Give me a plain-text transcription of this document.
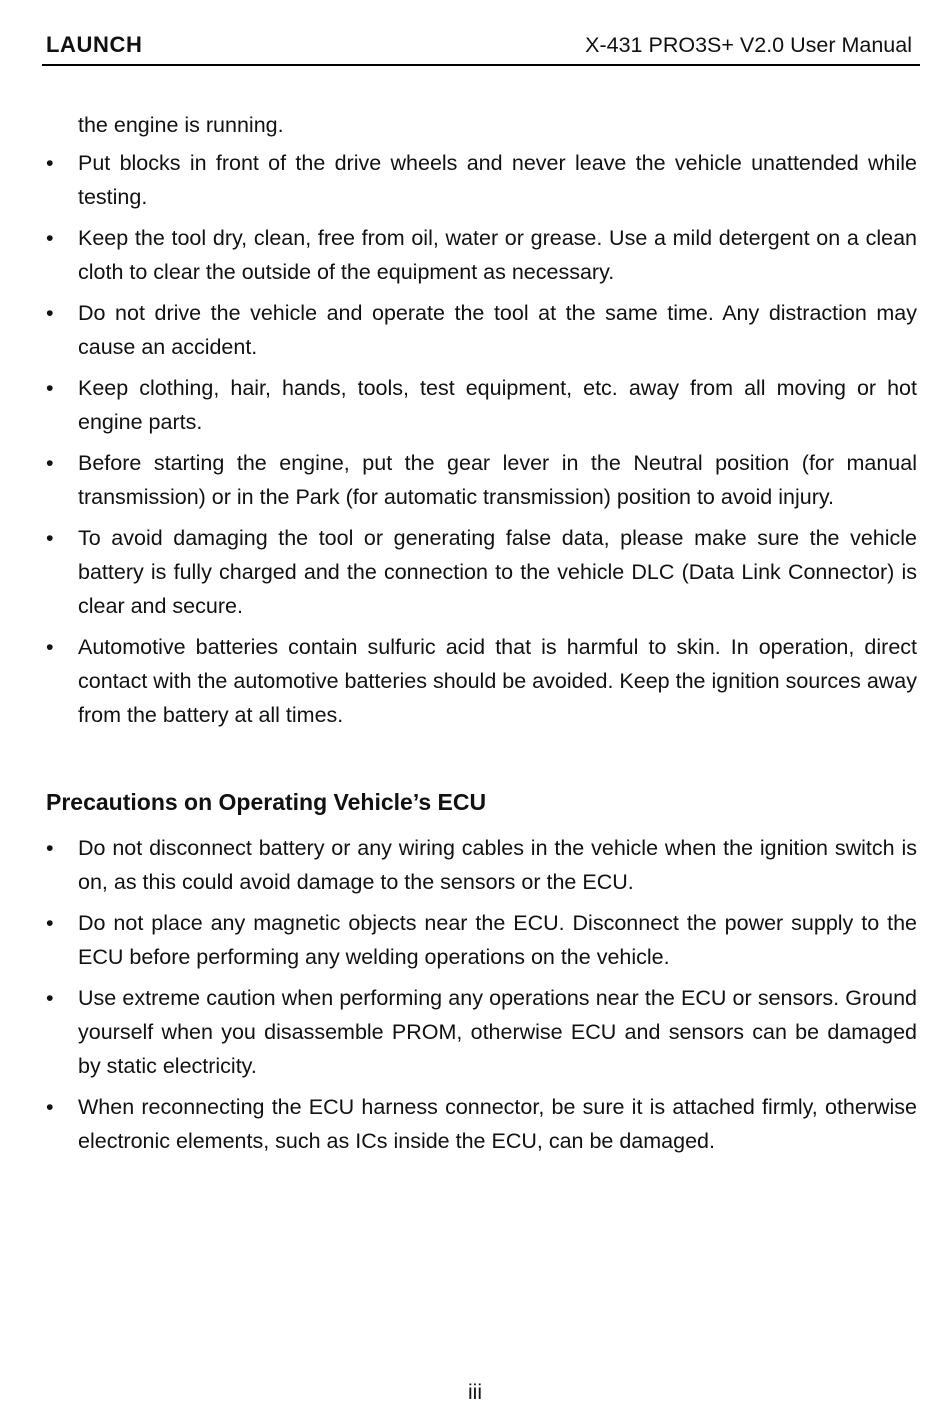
LAUNCH	X-431 PRO3S+ V2.0 User Manual
the engine is running.
•	Put blocks in front of the drive wheels and never leave the vehicle unattended while testing.
•	Keep the tool dry, clean, free from oil, water or grease. Use a mild detergent on a clean cloth to clear the outside of the equipment as necessary.
•	Do not drive the vehicle and operate the tool at the same time. Any distraction may cause an accident.
•	Keep clothing, hair, hands, tools, test equipment, etc. away from all moving or hot engine parts.
•	Before starting the engine, put the gear lever in the Neutral position (for manual transmission) or in the Park (for automatic transmission) position to avoid injury.
•	To avoid damaging the tool or generating false data, please make sure the vehicle battery is fully charged and the connection to the vehicle DLC (Data Link Connector) is clear and secure.
•	Automotive batteries contain sulfuric acid that is harmful to skin. In operation, direct contact with the automotive batteries should be avoided. Keep the ignition sources away from the battery at all times.
Precautions on Operating Vehicle’s ECU
•	Do not disconnect battery or any wiring cables in the vehicle when the ignition switch is on, as this could avoid damage to the sensors or the ECU.
•	Do not place any magnetic objects near the ECU. Disconnect the power supply to the ECU before performing any welding operations on the vehicle.
•	Use extreme caution when performing any operations near the ECU or sensors. Ground yourself when you disassemble PROM, otherwise ECU and sensors can be damaged by static electricity.
•	When reconnecting the ECU harness connector, be sure it is attached firmly, otherwise electronic elements, such as ICs inside the ECU, can be damaged.
iii
